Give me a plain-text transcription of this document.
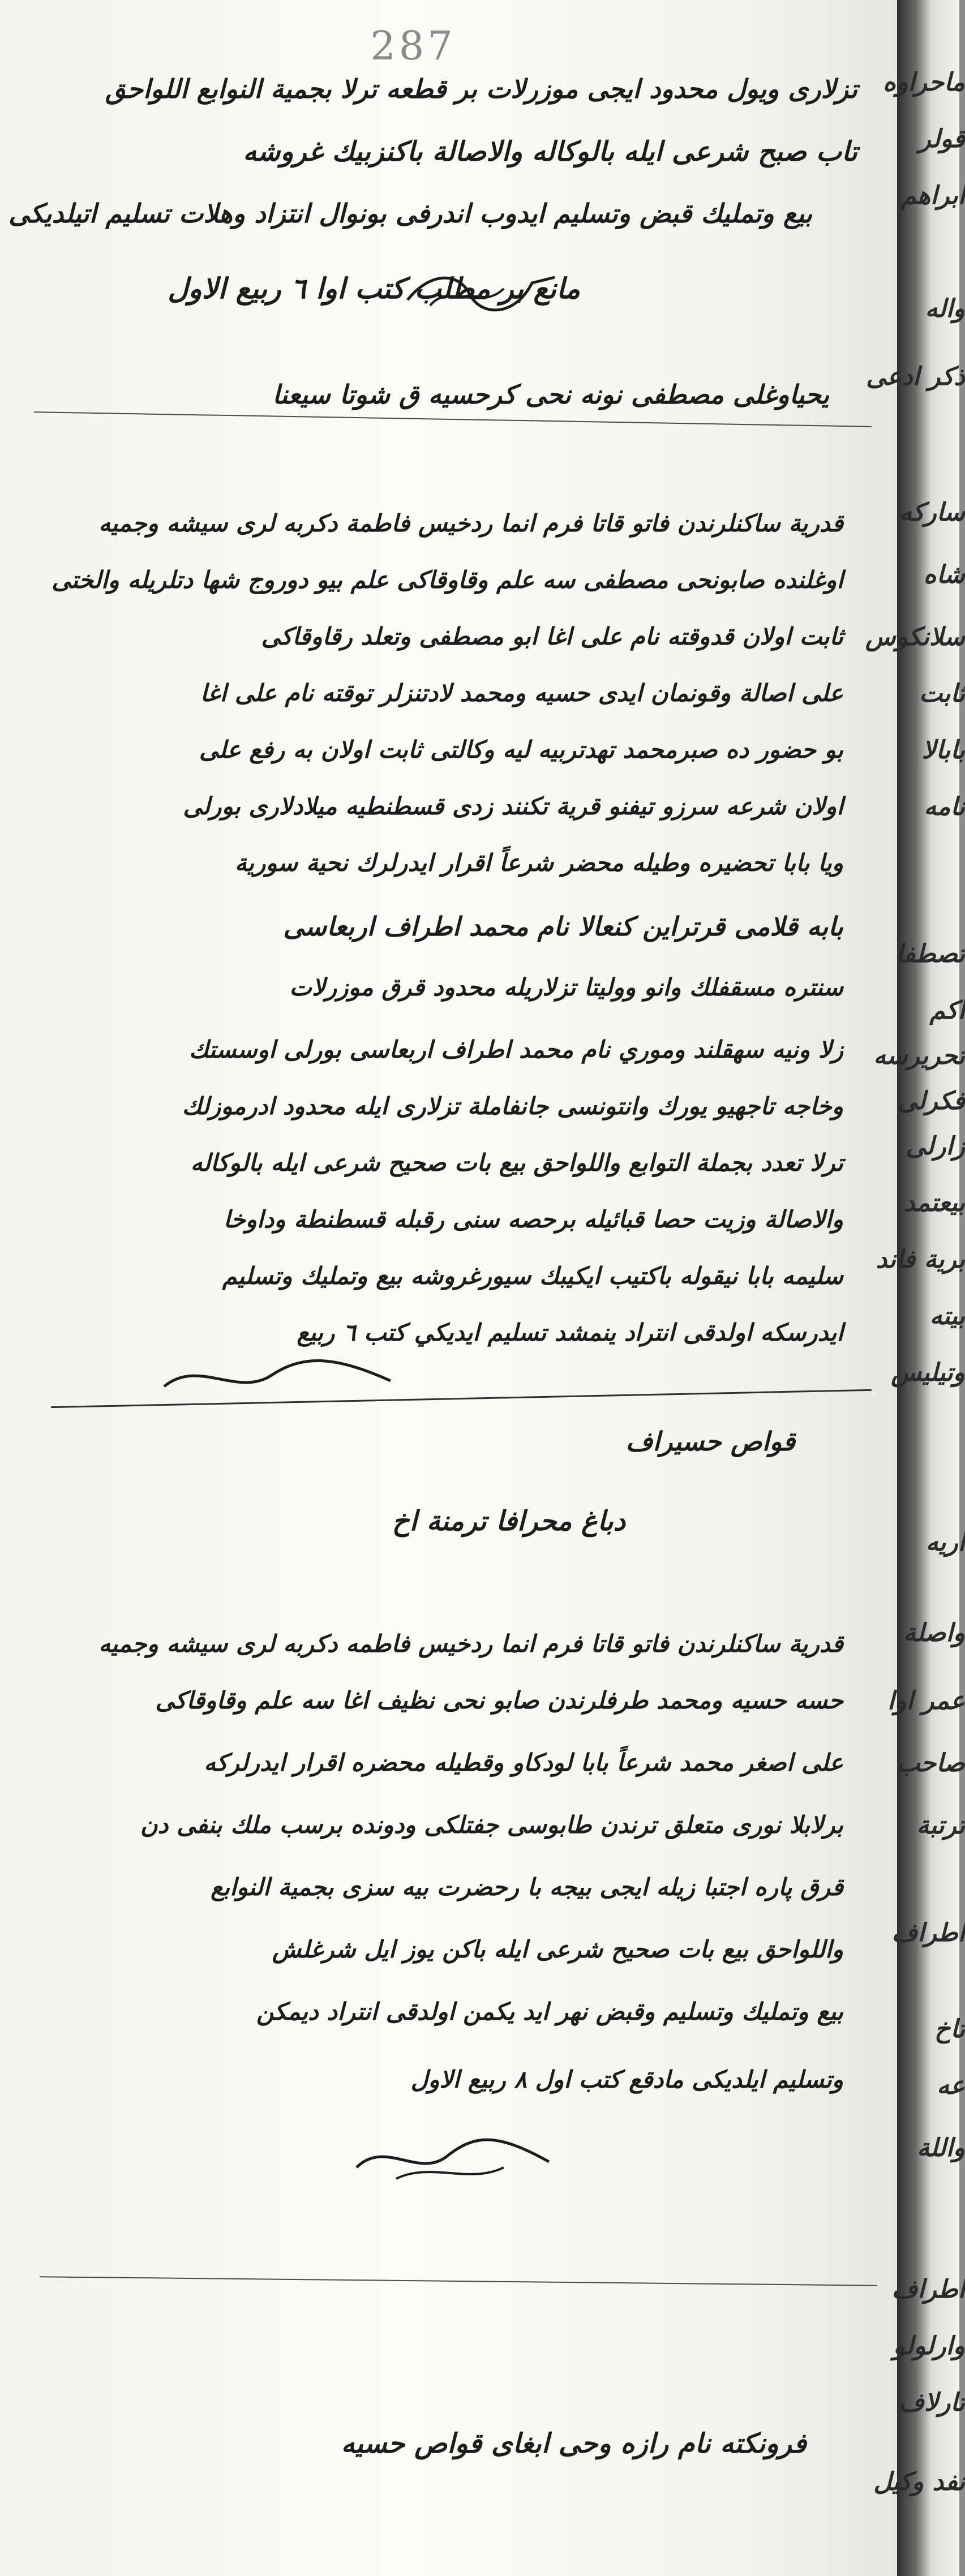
287
تزلاری ويول محدود ايجى موزرلات بر قطعه ترلا بجمية النوابع اللواحق
تاب صبح شرعى ايله بالوكاله والاصالة باكنزبيك غروشه
بيع وتمليك قبض وتسليم ايدوب اندرفى بونوال انتزاد وهلات تسليم اتيلديكى
مانع بر مطلب كتب اوا ٦ ربيع الاول
يحياوغلى مصطفى نونه نحى كرحسيه ق شوتا سيعنا
قدرية ساكنلرندن فاتو قاتا فرم انما ردخيس فاطمة دكربه لرى سيشه وجميه
اوغلنده صابونحى مصطفى سه علم وقاوقاكى علم بيو دوروج شها دتلريله والختى
ثابت اولان قدوقته نام على اغا ابو مصطفى وتعلد رقاوقاكى
على اصالة وقونمان ايدى حسيه ومحمد لادتنزلر توقته نام على اغا
بو حضور ده صبرمحمد تهدتربيه ليه وكالتى ثابت اولان به رفع على
اولان شرعه سرزو تيفنو قرية تكنند زدى قسطنطيه ميلادلارى بورلى
ويا بابا تحضيره وطيله محضر شرعاً اقرار ايدرلرك نحية سورية
بابه قلامى قرتراين كنعالا نام محمد اطراف اربعاسى
سنتره مسقفلك وانو ووليتا تزلاريله محدود قرق موزرلات
زلا ونيه سهقلند وموري نام محمد اطراف اربعاسى بورلى اوسستك
وخاجه تاجهيو يورك وانتونسى جانفاملة تزلارى ايله محدود ادرموزلك
ترلا تعدد بجملة التوابع واللواحق بيع بات صحيح شرعى ايله بالوكاله
والاصالة وزيت حصا قبائيله برحصه سنى رقبله قسطنطة وداوخا
سليمه بابا نيقوله باكتيب ايكيبك سيورغروشه بيع وتمليك وتسليم
ايدرسكه اولدقى انتراد ينمشد تسليم ايديكي كتب ٦ ربيع
قواص حسيراف
دباغ محرافا ترمنة اخ
قدرية ساكنلرندن فاتو قاتا فرم انما ردخيس فاطمه دكربه لرى سيشه وجميه
حسه حسيه ومحمد طرفلرندن صابو نحى نظيف اغا سه علم وقاوقاكى
على اصغر محمد شرعاً بابا لودكاو وقطيله محضره اقرار ايدرلركه
برلابلا نورى متعلق ترندن طابوسى جفتلكى ودونده برسب ملك بنفى دن
قرق پاره اجتبا زيله ايجى بيجه با رحضرت بيه سزى بجمية النوابع
واللواحق بيع بات صحيح شرعى ايله باكن يوز ايل شرغلش
بيع وتمليك وتسليم وقبض نهر ايد يكمن اولدقى انتراد ديمكن
وتسليم ايلديكى مادقع كتب اول ٨ ربيع الاول
فرونكته نام رازه وحى ابغاى قواص حسيه
ماحراوه
قولر
ابراهم
واله
ذكر ادعى
ساركه
شاه
سلانكوس
ثابت
بابالا
نامه
تصطفا
اكم
تحريرسه
فكرلى
زارلى
بيعتمد
برية فاند
بيته
وتيليس
اريه
واصلة
عمر اوا
صاحب
ترتبة
اطراف
تاخ
عه
واللة
اطراف
وارلولو
تارلاف
نفد وكيل
